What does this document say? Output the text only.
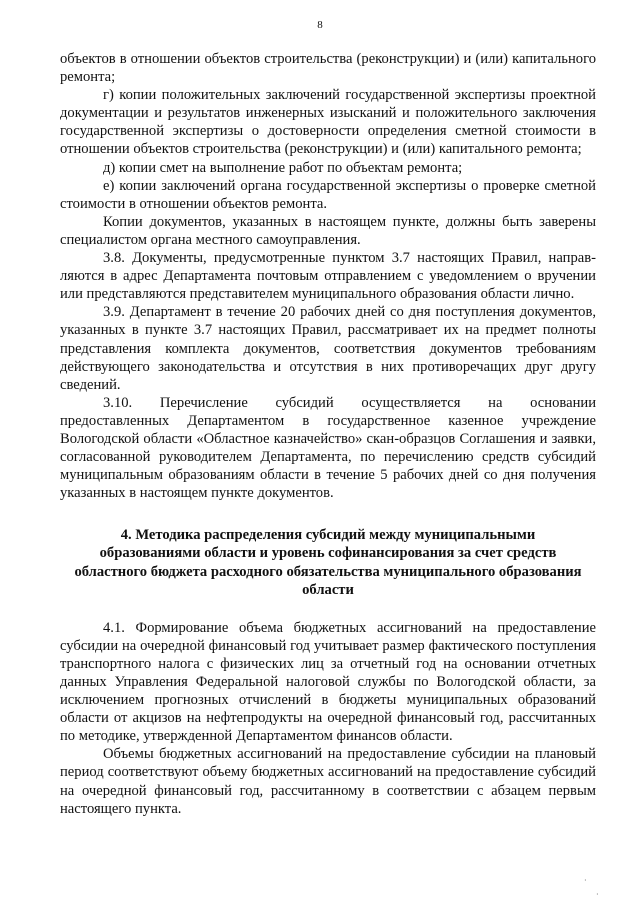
8

объектов в отношении объектов строительства (реконструкции) и (или) капитального ремонта;

г) копии положительных заключений государственной экспертизы проектной документации и результатов инженерных изысканий и положительного заключения государственной экспертизы о достоверности определения сметной стоимости в отношении объектов строительства (реконструкции) и (или) капитального ремонта;

д) копии смет на выполнение работ по объектам ремонта;

е) копии заключений органа государственной экспертизы о проверке сметной стоимости в отношении объектов ремонта.

Копии документов, указанных в настоящем пункте, должны быть заверены специалистом органа местного самоуправления.

3.8. Документы, предусмотренные пунктом 3.7 настоящих Правил, направляются в адрес Департамента почтовым отправлением с уведомлением о вручении или представляются представителем муниципального образования области лично.

3.9. Департамент в течение 20 рабочих дней со дня поступления документов, указанных в пункте 3.7 настоящих Правил, рассматривает их на предмет полноты представления комплекта документов, соответствия документов требованиям действующего законодательства и отсутствия в них противоречащих друг другу сведений.

3.10. Перечисление субсидий осуществляется на основании

предоставленных Департаментом в государственное казенное учреждение Вологодской области «Областное казначейство» скан-образцов Соглашения и заявки, согласованной руководителем Департамента, по перечислению средств субсидий муниципальным образованиям области в течение 5 рабочих дней со дня получения указанных в настоящем пункте документов.

4. Методика распределения субсидий между муниципальными образованиями области и уровень софинансирования за счет средств областного бюджета расходного обязательства муниципального образования области

4.1. Формирование объема бюджетных ассигнований на предоставление субсидии на очередной финансовый год учитывает размер фактического поступления транспортного налога с физических лиц за отчетный год на основании отчетных данных Управления Федеральной налоговой службы по Вологодской области, за исключением прогнозных отчислений в бюджеты муниципальных образований области от акцизов на нефтепродукты на очередной финансовый год, рассчитанных по методике, утвержденной Департаментом финансов области.

Объемы бюджетных ассигнований на предоставление субсидии на плановый период соответствуют объему бюджетных ассигнований на предоставление субсидий на очередной финансовый год, рассчитанному в соответствии с абзацем первым настоящего пункта.

·
·
